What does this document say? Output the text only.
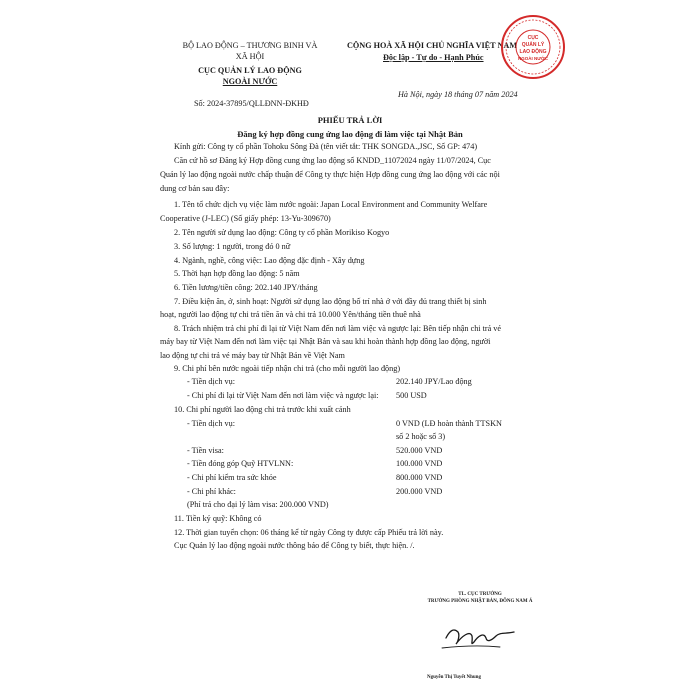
BỘ LAO ĐỘNG – THƯƠNG BINH VÀ
XÃ HỘI
CỤC QUẢN LÝ LAO ĐỘNG
NGOÀI NƯỚC
Số: 2024-37895/QLLĐNN-ĐKHĐ
CỘNG HOÀ XÃ HỘI CHỦ NGHĨA VIỆT NAM
Độc lập - Tự do - Hạnh Phúc
Hà Nội, ngày 18 tháng 07 năm 2024
CỤC
QUẢN LÝ
LAO ĐỘNG
NGOÀI NƯỚC
PHIẾU TRẢ LỜI
Đăng ký hợp đồng cung ứng lao động đi làm việc tại Nhật Bản
Kính gửi: Công ty cổ phần Tohoku Sông Đà (tên viết tắt: THK SONGDA.,JSC, Số GP: 474)
Căn cứ hồ sơ Đăng ký Hợp đồng cung ứng lao động số KNDD_11072024 ngày 11/07/2024, Cục
Quản lý lao động ngoài nước chấp thuận để Công ty thực hiện Hợp đồng cung ứng lao động với các nội
dung cơ bản sau đây:
1. Tên tổ chức dịch vụ việc làm nước ngoài: Japan Local Environment and Community Welfare
Cooperative (J-LEC) (Số giấy phép: 13-Yu-309670)
2. Tên người sử dụng lao động: Công ty cổ phần Morikiso Kogyo
3. Số lượng: 1 người, trong đó 0 nữ
4. Ngành, nghề, công việc: Lao động đặc định - Xây dựng
5. Thời hạn hợp đồng lao động: 5 năm
6. Tiền lương/tiền công: 202.140 JPY/tháng
7. Điều kiện ăn, ở, sinh hoạt: Người sử dụng lao động bố trí nhà ở với đầy đủ trang thiết bị sinh
hoạt, người lao động tự chi trả tiền ăn và chi trả 10.000 Yên/tháng tiền thuê nhà
8. Trách nhiệm trả chi phí đi lại từ Việt Nam đến nơi làm việc và ngược lại: Bên tiếp nhận chi trả vé
máy bay từ Việt Nam đến nơi làm việc tại Nhật Bản và sau khi hoàn thành hợp đồng lao động, người
lao động tự chi trả vé máy bay từ Nhật Bản về Việt Nam
9. Chi phí bên nước ngoài tiếp nhận chi trả (cho mỗi người lao động)
- Tiền dịch vụ:	202.140 JPY/Lao động
- Chi phí đi lại từ Việt Nam đến nơi làm việc và ngược lại: 500 USD
10. Chi phí người lao động chi trả trước khi xuất cảnh
- Tiền dịch vụ:	0 VND (LĐ hoàn thành TTSKN
số 2 hoặc số 3)
- Tiền visa:	520.000 VND
- Tiền đóng góp Quỹ HTVLNN:	100.000 VND
- Chi phí kiểm tra sức khỏe	800.000 VND
- Chi phí khác:	200.000 VND
(Phí trả cho đại lý làm visa: 200.000 VND)
11. Tiền ký quỹ: Không có
12. Thời gian tuyển chọn: 06 tháng kể từ ngày Công ty được cấp Phiếu trả lời này.
Cục Quản lý lao động ngoài nước thông báo để Công ty biết, thực hiện. /.
TL. CỤC TRƯỞNG
TRƯỞNG PHÒNG NHẬT BẢN, ĐÔNG NAM Á
Nguyễn Thị Tuyết Nhung
